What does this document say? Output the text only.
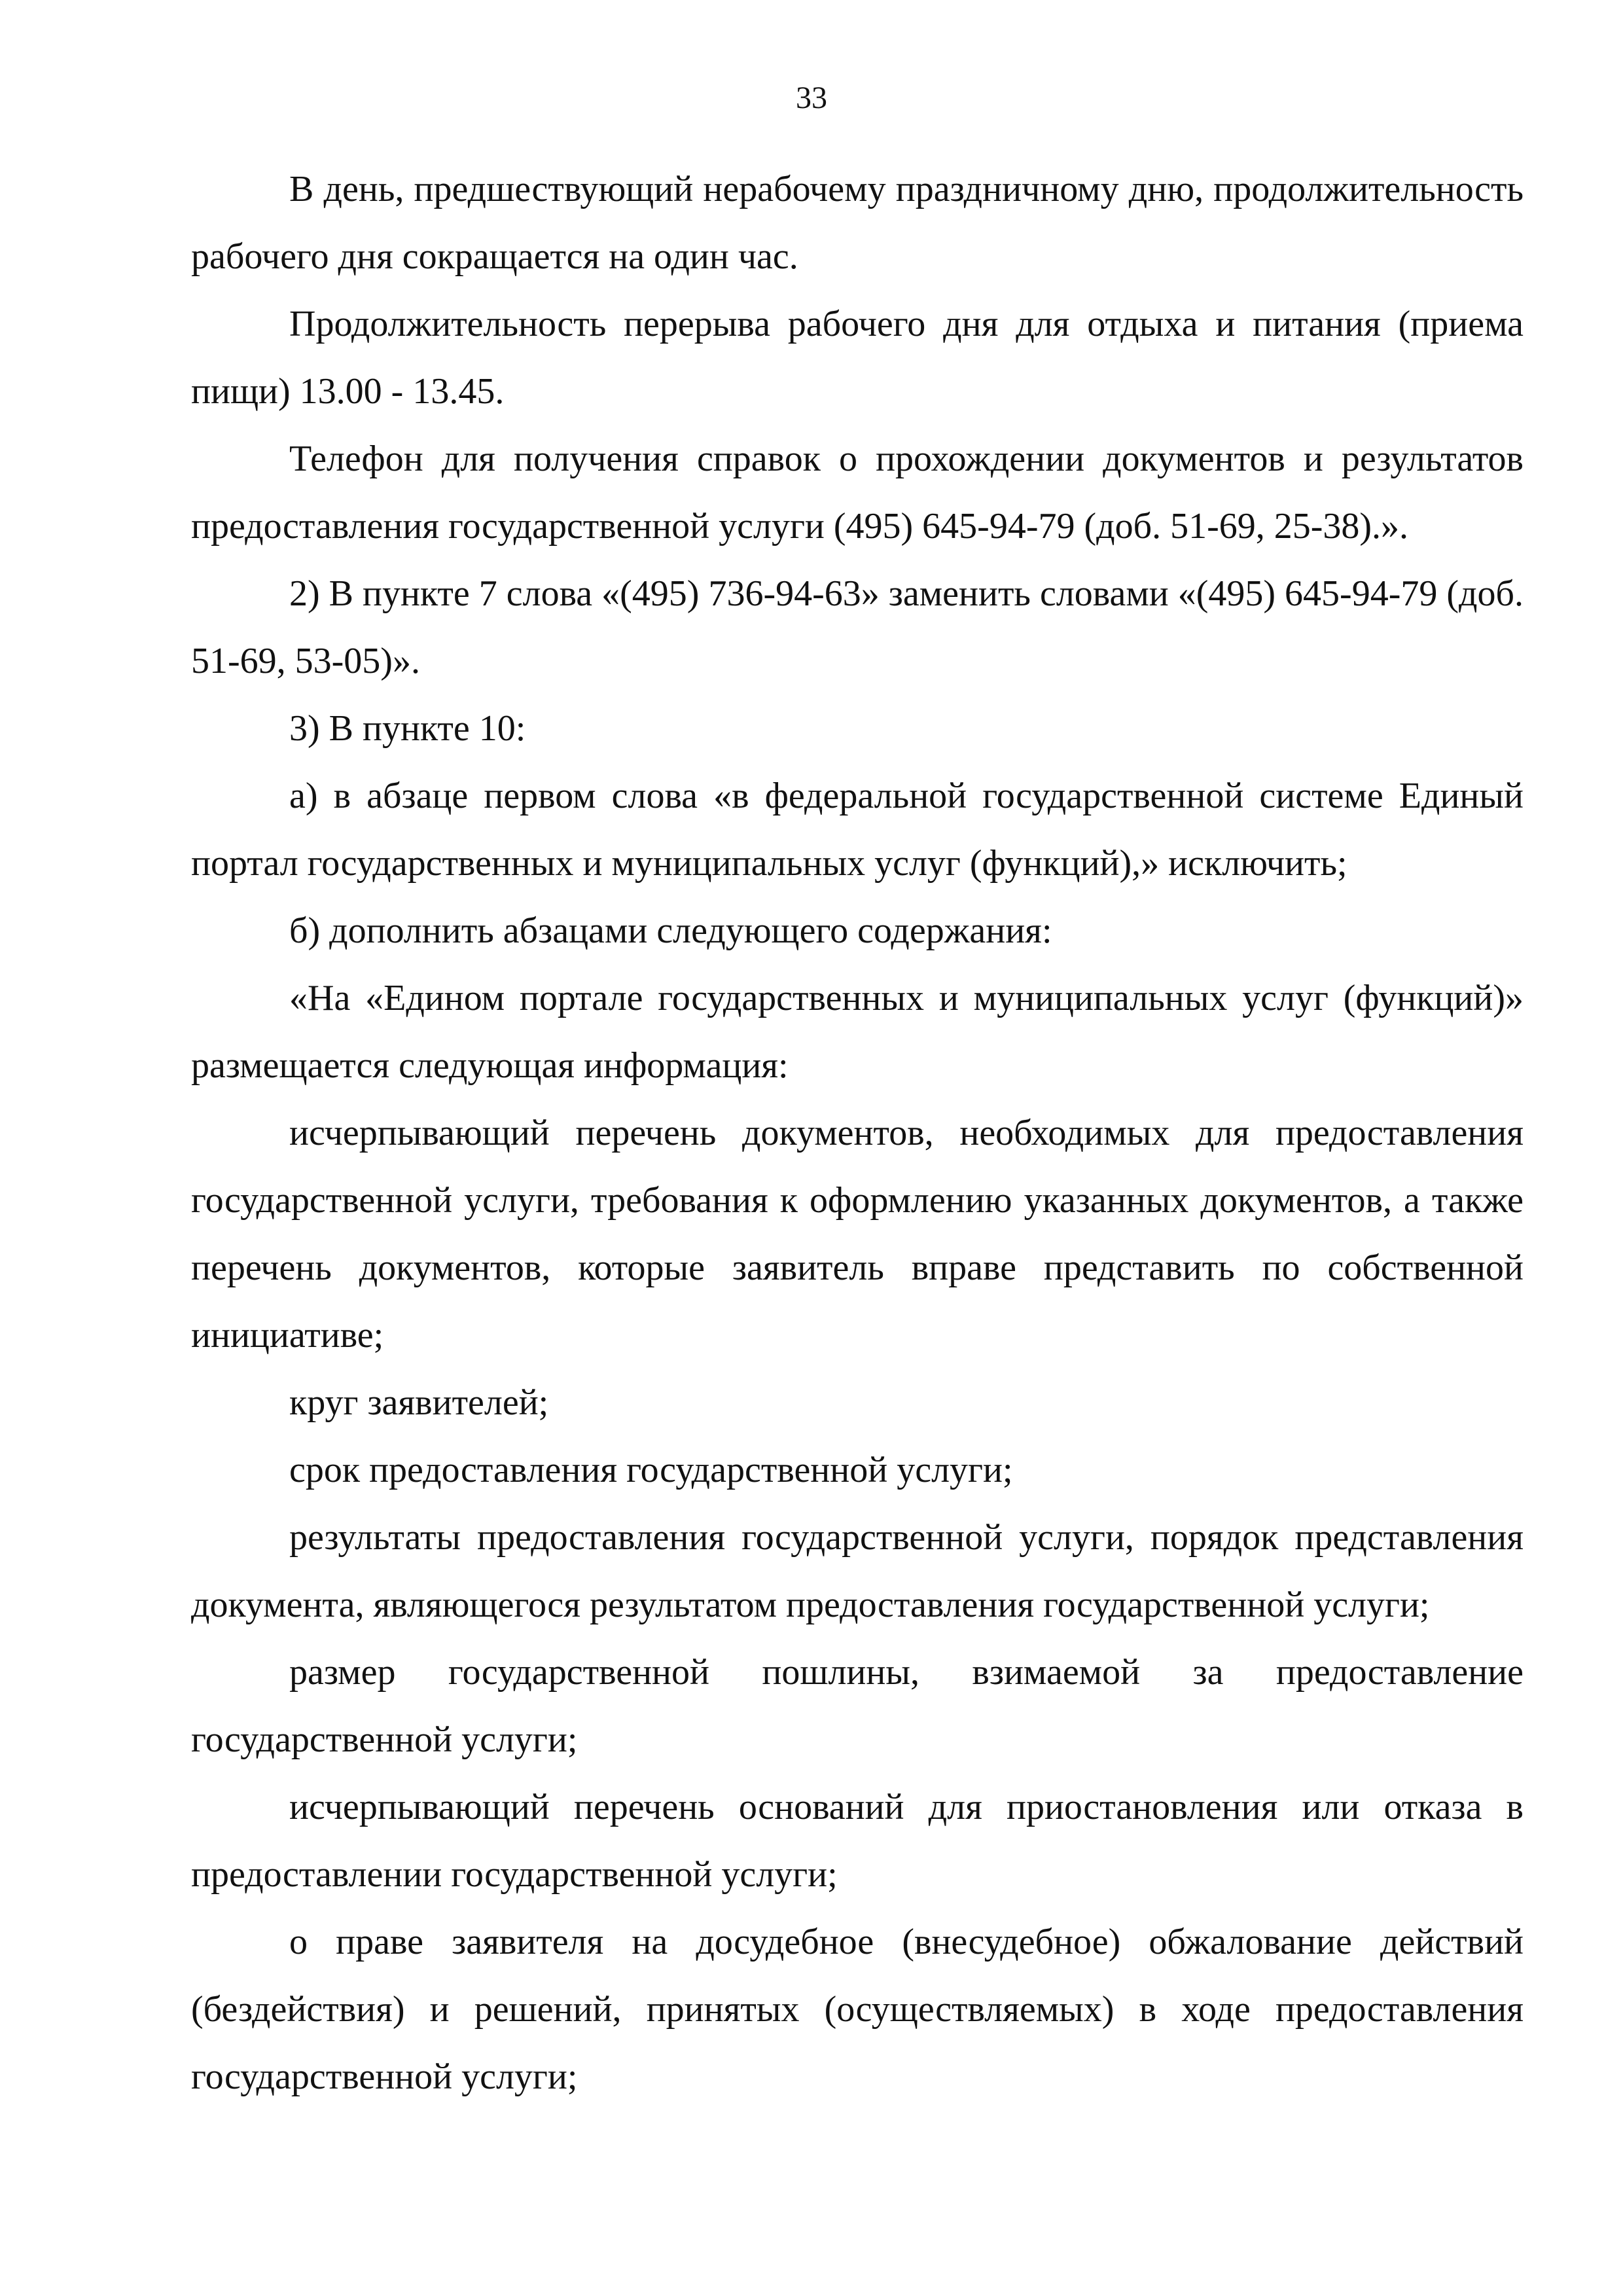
33

В день, предшествующий нерабочему праздничному дню, продолжительность рабочего дня сокращается на один час.

Продолжительность перерыва рабочего дня для отдыха и питания (приема пищи) 13.00 - 13.45.

Телефон для получения справок о прохождении документов и результатов предоставления государственной услуги (495) 645-94-79 (доб. 51-69, 25-38).».

2) В пункте 7 слова «(495) 736-94-63» заменить словами «(495) 645-94-79 (доб. 51-69, 53-05)».

3) В пункте 10:

а) в абзаце первом слова «в федеральной государственной системе Единый портал государственных и муниципальных услуг (функций),» исключить;

б) дополнить абзацами следующего содержания:

«На «Едином портале государственных и муниципальных услуг (функций)» размещается следующая информация:

исчерпывающий перечень документов, необходимых для предоставления государственной услуги, требования к оформлению указанных документов, а также перечень документов, которые заявитель вправе представить по собственной инициативе;

круг заявителей;

срок предоставления государственной услуги;

результаты предоставления государственной услуги, порядок представления документа, являющегося результатом предоставления государственной услуги;

размер государственной пошлины, взимаемой за предоставление государственной услуги;

исчерпывающий перечень оснований для приостановления или отказа в предоставлении государственной услуги;

о праве заявителя на досудебное (внесудебное) обжалование действий (бездействия) и решений, принятых (осуществляемых) в ходе предоставления государственной услуги;
